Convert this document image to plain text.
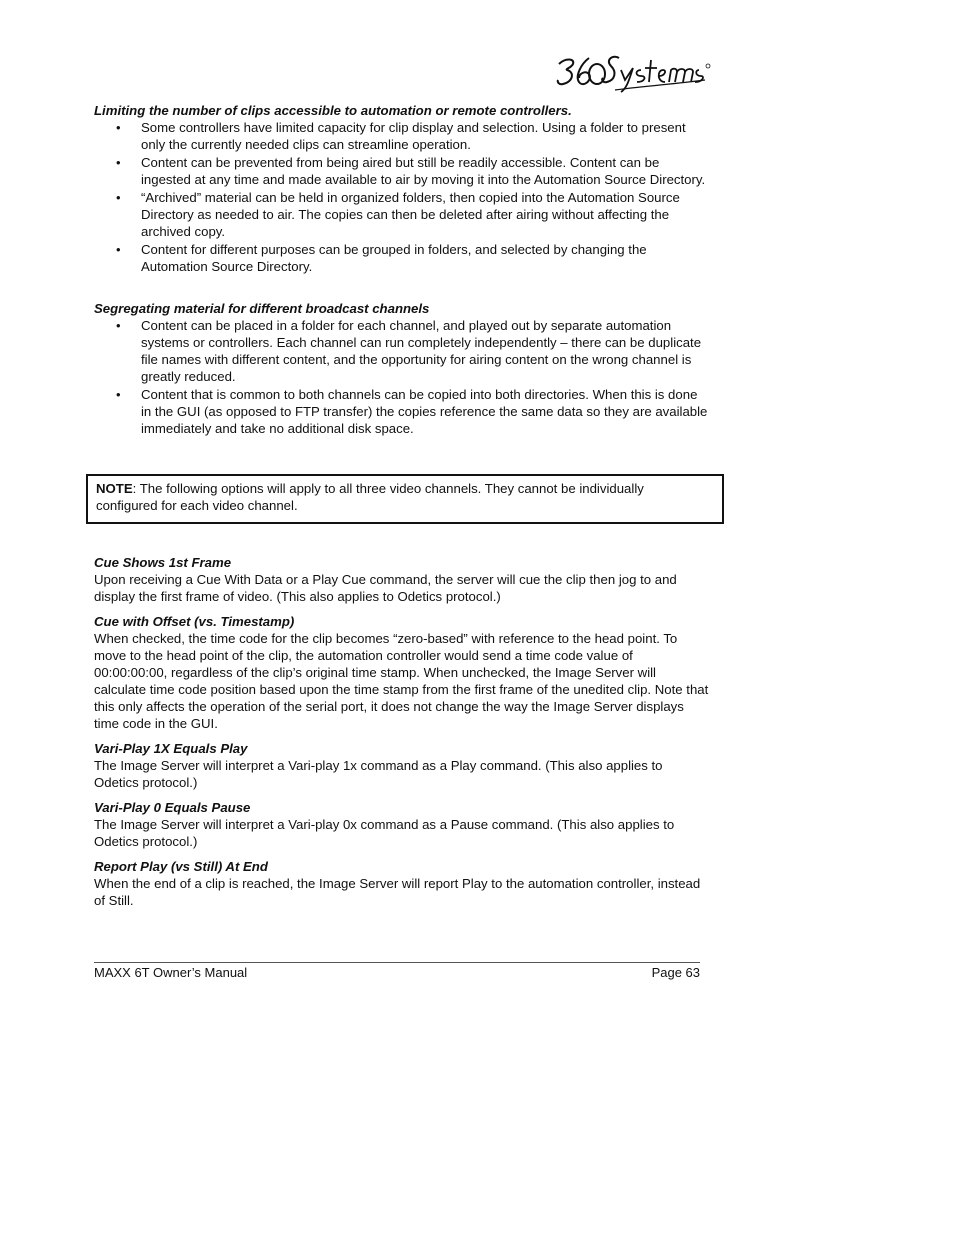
Limiting the number of clips accessible to automation or remote controllers.

• Some controllers have limited capacity for clip display and selection. Using a folder to present only the currently needed clips can streamline operation.
• Content can be prevented from being aired but still be readily accessible. Content can be ingested at any time and made available to air by moving it into the Automation Source Directory.
• “Archived” material can be held in organized folders, then copied into the Automation Source Directory as needed to air. The copies can then be deleted after airing without affecting the archived copy.
• Content for different purposes can be grouped in folders, and selected by changing the Automation Source Directory.

Segregating material for different broadcast channels

• Content can be placed in a folder for each channel, and played out by separate automation systems or controllers. Each channel can run completely independently – there can be duplicate file names with different content, and the opportunity for airing content on the wrong channel is greatly reduced.
• Content that is common to both channels can be copied into both directories. When this is done in the GUI (as opposed to FTP transfer) the copies reference the same data so they are available immediately and take no additional disk space.
NOTE: The following options will apply to all three video channels. They cannot be individually configured for each video channel.

Cue Shows 1st Frame

Upon receiving a Cue With Data or a Play Cue command, the server will cue the clip then jog to and display the first frame of video. (This also applies to Odetics protocol.)

Cue with Offset (vs. Timestamp)

When checked, the time code for the clip becomes “zero-based” with reference to the head point. To move to the head point of the clip, the automation controller would send a time code value of 00:00:00:00, regardless of the clip’s original time stamp. When unchecked, the Image Server will calculate time code position based upon the time stamp from the first frame of the unedited clip. Note that this only affects the operation of the serial port, it does not change the way the Image Server displays time code in the GUI.

Vari-Play 1X Equals Play

The Image Server will interpret a Vari-play 1x command as a Play command. (This also applies to Odetics protocol.)

Vari-Play 0 Equals Pause

The Image Server will interpret a Vari-play 0x command as a Pause command. (This also applies to Odetics protocol.)

Report Play (vs Still) At End

When the end of a clip is reached, the Image Server will report Play to the automation controller, instead of Still.

MAXX 6T Owner’s Manual	Page 63
